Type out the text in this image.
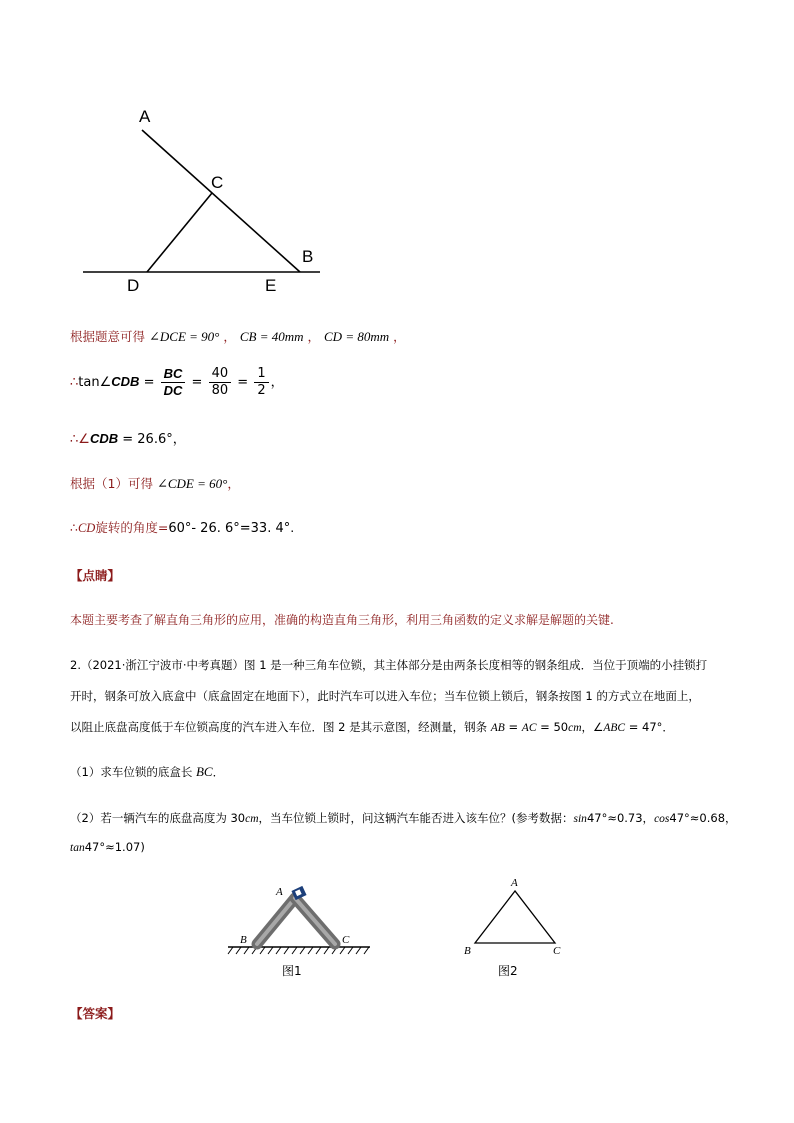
A
C
B
D	E
根据题意可得 ∠DCE = 90° ， CB = 40mm ， CD = 80mm ，
∴tan∠CDB = $\frac{BC}{DC} = \frac{40}{80} = \frac{1}{2}$ ，
∴∠CDB = 26.6°，
根据（1）可得 ∠CDE = 60°，
∴CD旋转的角度=60°- 26. 6°=33. 4°.
【点睛】
本题主要考查了解直角三角形的应用，准确的构造直角三角形，利用三角函数的定义求解是解题的关键.
2.（2021·浙江宁波市·中考真题）图 1 是一种三角车位锁，其主体部分是由两条长度相等的钢条组成．当位于顶端的小挂锁打
开时，钢条可放入底盒中（底盒固定在地面下），此时汽车可以进入车位；当车位锁上锁后，钢条按图 1 的方式立在地面上，
以阻止底盘高度低于车位锁高度的汽车进入车位．图 2 是其示意图，经测量，钢条 AB = AC = 50cm，∠ABC = 47°．
（1）求车位锁的底盒长 BC．
（2）若一辆汽车的底盘高度为 30cm，当车位锁上锁时，问这辆汽车能否进入该车位？(参考数据：sin47°≈0.73，cos47°≈0.68，
tan47°≈1.07)
A
B	C
图1
A
B	C
图2
【答案】
